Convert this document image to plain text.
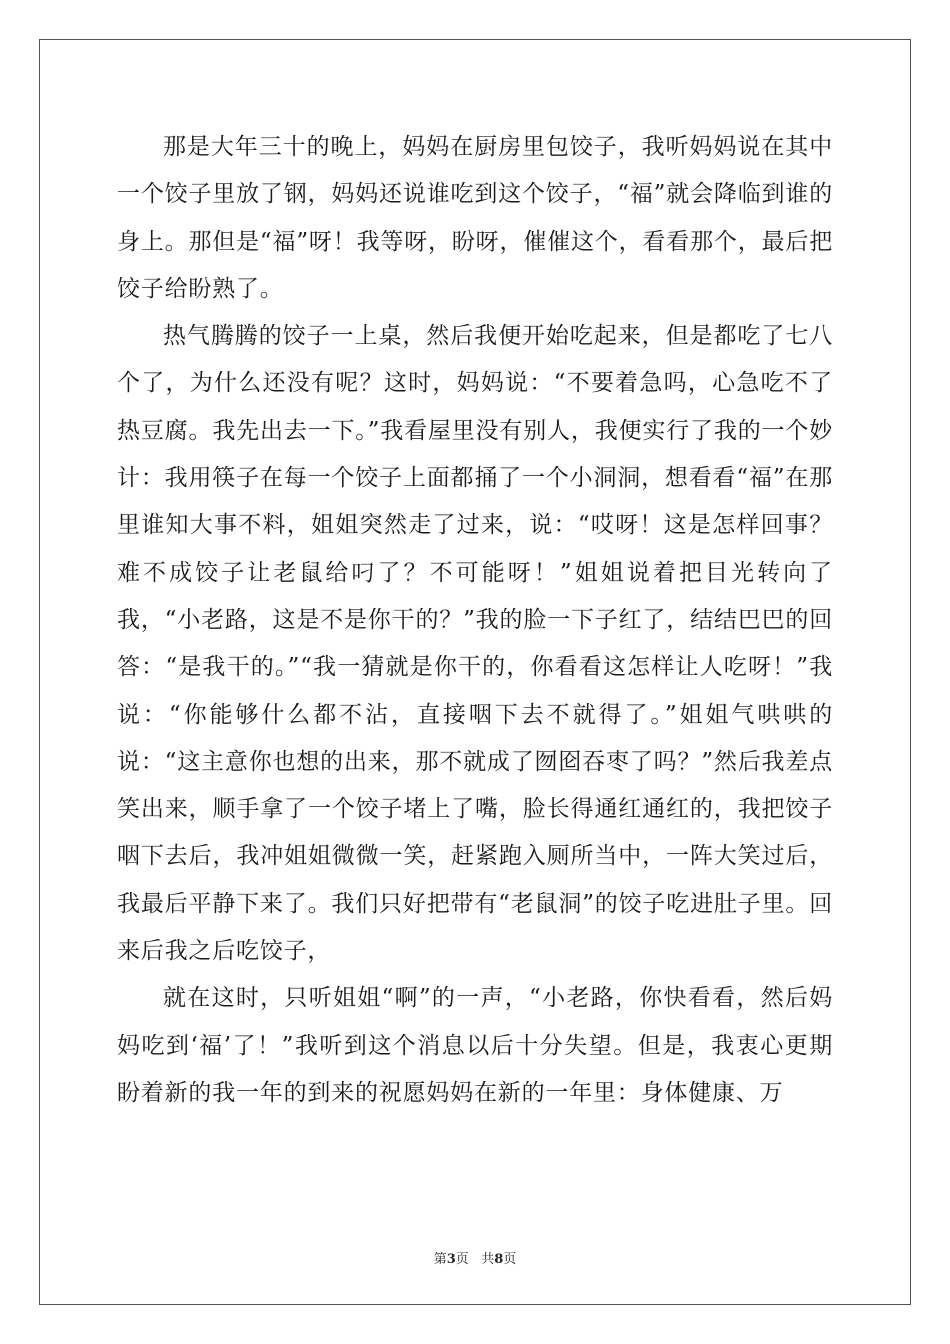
那是大年三十的晚上，妈妈在厨房里包饺子，我听妈妈说在其中一个饺子里放了钢，妈妈还说谁吃到这个饺子，“福”就会降临到谁的身上。那但是“福”呀！我等呀，盼呀，催催这个，看看那个，最后把饺子给盼熟了。

热气腾腾的饺子一上桌，然后我便开始吃起来，但是都吃了七八个了，为什么还没有呢？这时，妈妈说：“不要着急吗，心急吃不了热豆腐。我先出去一下。”我看屋里没有别人，我便实行了我的一个妙计：我用筷子在每一个饺子上面都捅了一个小洞洞，想看看“福”在那里谁知大事不料，姐姐突然走了过来，说：“哎呀！这是怎样回事？难不成饺子让老鼠给叼了？不可能呀！”姐姐说着把目光转向了我，“小老路，这是不是你干的？”我的脸一下子红了，结结巴巴的回答：“是我干的。”“我一猜就是你干的，你看看这怎样让人吃呀！”我说：“你能够什么都不沾，直接咽下去不就得了。”姐姐气哄哄的说：“这主意你也想的出来，那不就成了囫囵吞枣了吗？”然后我差点笑出来，顺手拿了一个饺子堵上了嘴，脸长得通红通红的，我把饺子咽下去后，我冲姐姐微微一笑，赶紧跑入厕所当中，一阵大笑过后，我最后平静下来了。我们只好把带有“老鼠洞”的饺子吃进肚子里。回来后我之后吃饺子，

就在这时，只听姐姐“啊”的一声，“小老路，你快看看，然后妈妈吃到‘福’了！”我听到这个消息以后十分失望。但是，我衷心更期盼着新的我一年的到来的祝愿妈妈在新的一年里：身体健康、万

第3页 共8页
